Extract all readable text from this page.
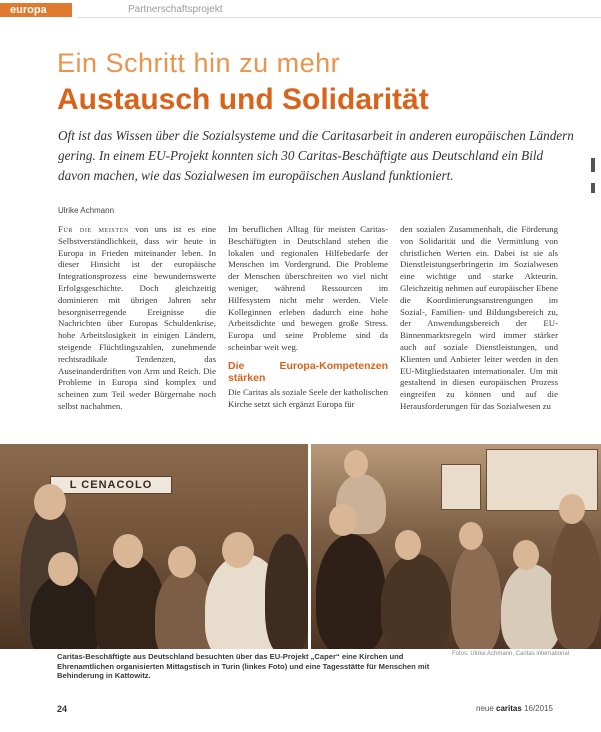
europa	Partnerschaftsprojekt
Ein Schritt hin zu mehr
Austausch und Solidarität
Oft ist das Wissen über die Sozialsysteme und die Caritasarbeit in anderen europäischen Ländern gering. In einem EU-Projekt konnten sich 30 Caritas-Beschäftigte aus Deutschland ein Bild davon machen, wie das Sozialwesen im europäischen Ausland funktioniert.
Ulrike Achmann

Für die meisten von uns ist es eine Selbstverständlichkeit, dass wir heute in Europa in Frieden miteinander leben. In dieser Hinsicht ist der europäische Integrationsprozess eine bewundernswerte Erfolgsgeschichte. Doch gleichzeitig dominieren mit übrigen Jahren sehr besorgniserregende Ereignisse die Nachrichten über Europas Schuldenkrise, hohe Arbeitslosigkeit in einigen Ländern, steigende Flüchtlingszahlen, zunehmende rechtsradikale Tendenzen, das Auseinanderdriften von Arm und Reich. Die Probleme in Europa sind komplex und scheinen zum Teil weder Bürgernahe noch selbst nachahmen.

Im beruflichen Alltag für meisten Caritas-Beschäftigten in Deutschland stehen die lokalen und regionalen Hilfebedarfe der Menschen im Vordergrund. Die Probleme der Menschen überschreiten wo viel nicht weniger, während Ressourcen im Hilfesystem nicht mehr werden. Viele Kolleginnen erleben dadurch eine hohe Arbeitsdichte und bewegen große Stress. Europa und seine Probleme sind da scheinbar weit weg.

Die Europa-Kompetenzen stärken

Die Caritas als soziale Seele der katholischen Kirche setzt sich ergänzt Europa für

den sozialen Zusammenhalt, die Förderung von Solidarität und die Vermittlung von christlichen Werten ein. Dabei ist sie als Dienstleistungserbringerin im Sozialwesen eine wichtige und starke Akteurin. Gleichzeitig nehmen auf europäischer Ebene die Koordinierungsanstrengungen im Sozial-, Familien- und Bildungsbereich zu, der Anwendungsbereich der EU-Binnenmarktsregeln wird immer stärker auch auf soziale Dienstleistungen, und Klienten und Anbieter leiter werden in den EU-Mitgliedstaaten internationaler. Um mit gestaltend in diesen europäischen Prozess eingreifen zu können und auf die Herausforderungen für das Sozialwesen zu

L CENACOLO
Caritas-Beschäftigte aus Deutschland besuchten über das EU-Projekt „Caper“ eine Kirchen und Ehrenamtlichen organisierten Mittagstisch in Turin (linkes Foto) und eine Tagesstätte für Menschen mit Behinderung in Kattowitz.
Fotos: Ulrike Achmann, Caritas international
24	neue caritas 16/2015
